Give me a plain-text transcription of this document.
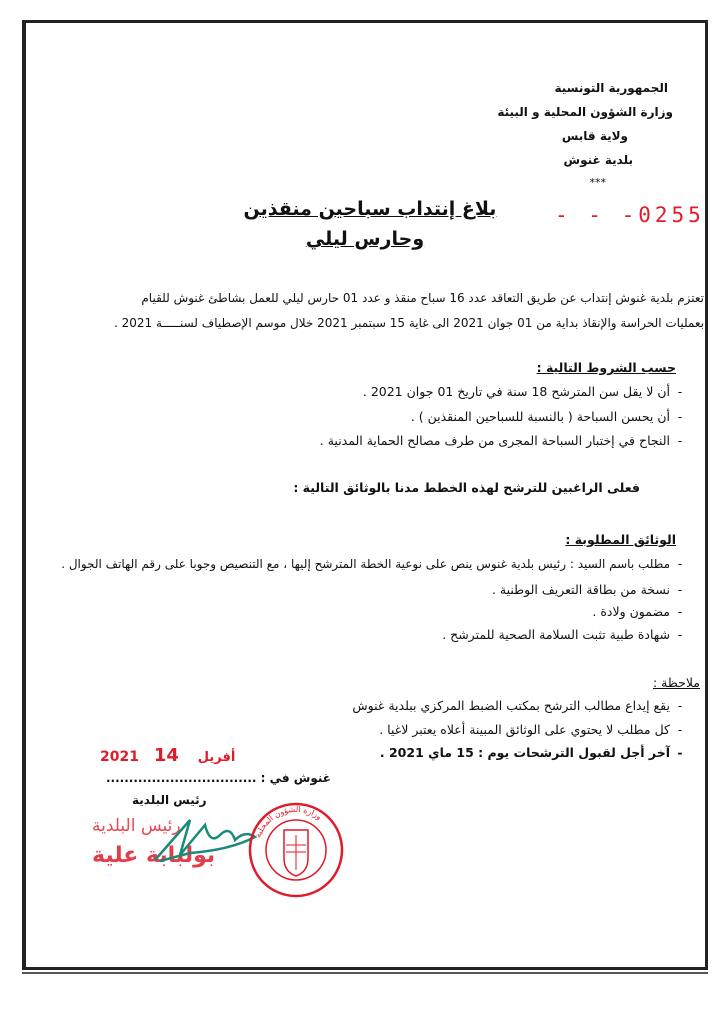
الجمهورية التونسية
وزارة الشؤون المحلية و البيئة
ولاية قابس
بلدية غنوش
***
- - -0255
بلاغ إنتداب سباحين منقذين
وحارس ليلي
تعتزم بلدية غنوش إنتداب عن طريق التعاقد عدد 16 سباح منقذ و عدد 01 حارس ليلي للعمل بشاطئ غنوش للقيام
بعمليات الحراسة والإنقاذ بداية من 01 جوان 2021 الى غاية 15 سبتمبر 2021 خلال موسم الإصطياف لسنـــــة 2021 .
حسب الشروط التالية :
-أن لا يقل سن المترشح 18 سنة في تاريخ 01 جوان 2021 .
-أن يحسن السباحة ( بالنسبة للسباحين المنقذين ) .
-النجاح في إختبار السباحة المجرى من طرف مصالح الحماية المدنية .
فعلى الراغبين للترشح لهذه الخطط مدنا بالوثائق التالية :
الوثائق المطلوبة :
-مطلب باسم السيد : رئيس بلدية غنوس ينص على نوعية الخطة المترشح إليها ، مع التنصيص وجوبا على رقم الهاتف الجوال .
-نسخة من بطاقة التعريف الوطنية .
-مضمون ولادة .
-شهادة طبية تثبت السلامة الصحية للمترشح .
ملاحظة :
-يقع إيداع مطالب الترشح بمكتب الضبط المركزي ببلدية غنوش
-كل مطلب لا يحتوي على الوثائق المبينة أعلاه يعتبر لاغيا .
-آخر أجل لقبول الترشحات يوم : 15 ماي 2021 .
2021	أفريل 14
غنوش في : .................................
رئيس البلدية
رئيس البلدية
بولبابة علية
وزارة الشؤون المحلية
